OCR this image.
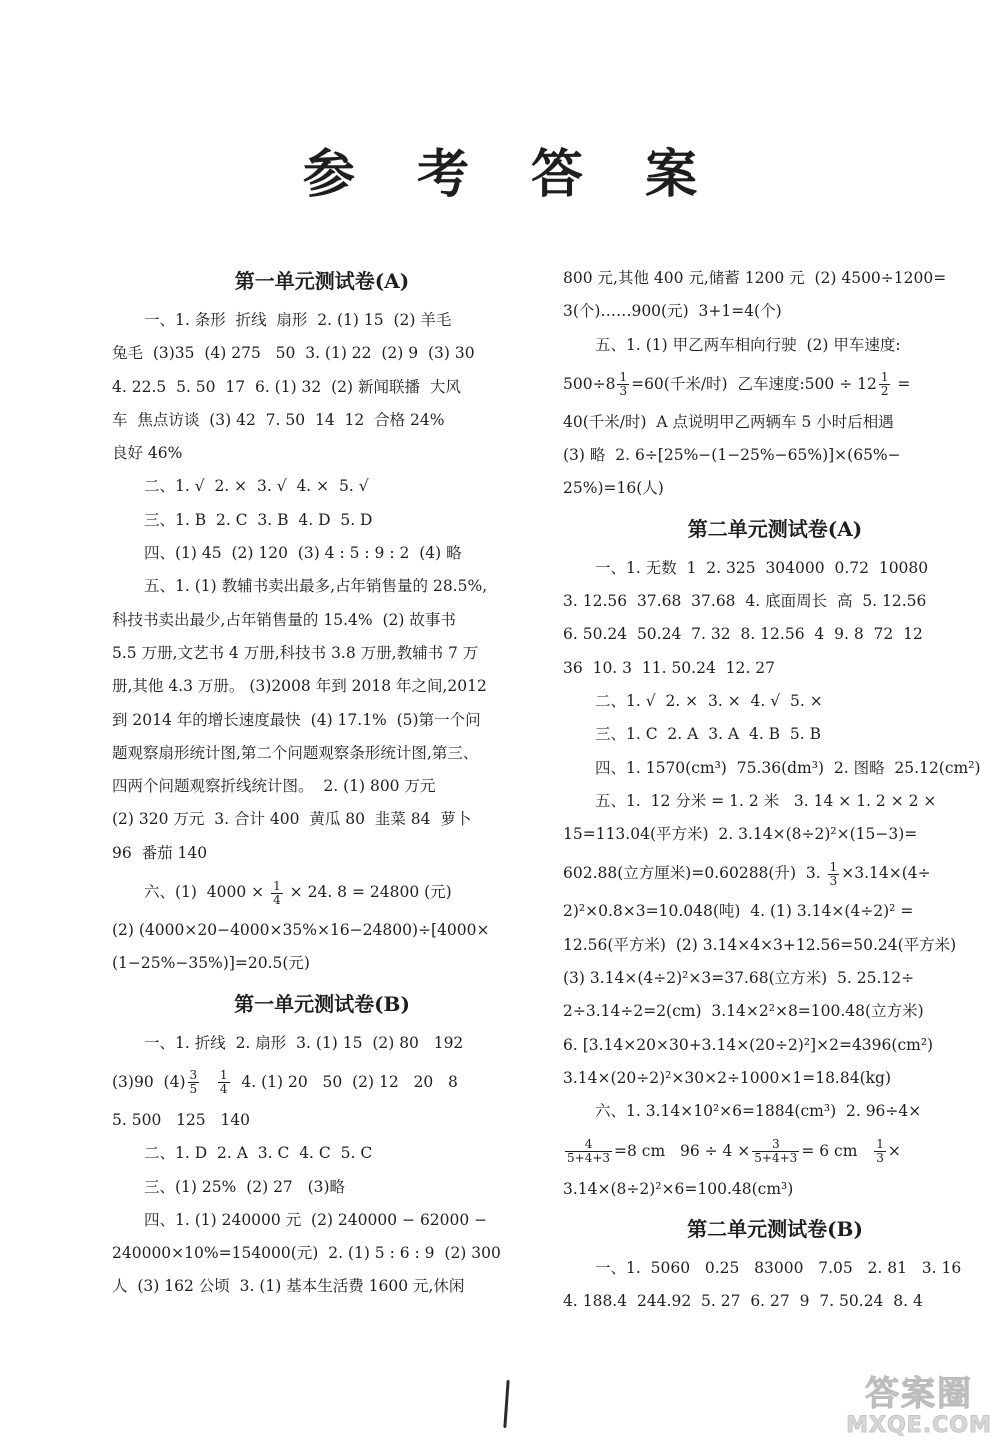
参 考 答 案
第一单元测试卷(A)
一、1. 条形  折线  扇形  2. (1) 15  (2) 羊毛
兔毛  (3)35  (4) 275   50  3. (1) 22  (2) 9  (3) 30
4. 22.5  5. 50  17  6. (1) 32  (2) 新闻联播  大风
车  焦点访谈  (3) 42  7. 50  14  12  合格 24%
良好 46%
二、1. √  2. ×  3. √  4. ×  5. √
三、1. B  2. C  3. B  4. D  5. D
四、(1) 45  (2) 120  (3) 4 : 5 : 9 : 2  (4) 略
五、1. (1) 教辅书卖出最多,占年销售量的 28.5%,
科技书卖出最少,占年销售量的 15.4%  (2) 故事书
5.5 万册,文艺书 4 万册,科技书 3.8 万册,教辅书 7 万
册,其他 4.3 万册。 (3)2008 年到 2018 年之间,2012
到 2014 年的增长速度最快  (4) 17.1%  (5)第一个问
题观察扇形统计图,第二个问题观察条形统计图,第三、
四两个问题观察折线统计图。  2. (1) 800 万元
(2) 320 万元  3. 合计 400  黄瓜 80  韭菜 84  萝卜
96  番茄 140
六、(1)  $4000 \times \frac{1}{4} \times 24$. 8 = 24800 (元)
(2) (4000×20−4000×35%×16−24800)÷[4000×
(1−25%−35%)]=20.5(元)
第一单元测试卷(B)
一、1. 折线  2. 扇形  3. (1) 15  (2) 80   192
(3)90  $(4) \frac{3}{5}$
$\frac{1}{4} 4$. (1) 20   50  (2) 12   20   8
5. 500   125   140
二、1. D  2. A  3. C  4. C  5. C
三、(1) 25%  (2) 27   (3)略
四、1. (1) 240000 元  (2) 240000 − 62000 −
240000×10%=154000(元)  2. (1) 5 : 6 : 9  (2) 300
人  (3) 162 公顷  3. (1) 基本生活费 1600 元,休闲
800 元,其他 400 元,储蓄 1200 元  (2) 4500÷1200=
3(个)……900(元)  3+1=4(个)
五、1. (1) 甲乙两车相向行驶  (2) 甲车速度:
$500\div 8 \frac{1}{3} =60$(千米/时)  乙车速度:500 ÷ $12 \frac{1}{2}$ =
40(千米/时)  A 点说明甲乙两辆车 5 小时后相遇
(3) 略  2. 6÷[25%−(1−25%−65%)]×(65%−
25%)=16(人)
第二单元测试卷(A)
一、1. 无数  1  2. 325  304000  0.72  10080
3. 12.56  37.68  37.68  4. 底面周长  高  5. 12.56
6. 50.24  50.24  7. 32  8. 12.56  4  9. 8  72  12
36  10. 3  11. 50.24  12. 27
二、1. √  2. ×  3. ×  4. √  5. ×
三、1. C  2. A  3. A  4. B  5. B
四、1. 1570(cm³)  75.36(dm³)  2. 图略  25.12(cm²)
五、1.  12 分米 = 1. 2 米   3. 14 × 1. 2 × 2 ×
15=113.04(平方米)  2. 3.14×(8÷2)²×(15−3)=
602.88(立方厘米)=0.60288(升)  3. $\frac{1}{3} \times 3.14\times(4\div$
2)²×0.8×3=10.048(吨)  4. (1) 3.14×(4÷2)² =
12.56(平方米)  (2) 3.14×4×3+12.56=50.24(平方米)
(3) 3.14×(4÷2)²×3=37.68(立方米)  5. 25.12÷
2÷3.14÷2=2(cm)  3.14×2²×8=100.48(立方米)
6. [3.14×20×30+3.14×(20÷2)²]×2=4396(cm²)
3.14×(20÷2)²×30×2÷1000×1=18.84(kg)
六、1. 3.14×10²×6=1884(cm³)  2. 96÷4×
$\frac{4}{5+4+3} =8$ cm   $96 \div 4 \times \frac{3}{5+4+3} = 6$ cm $\frac{1}{3}$ ×
3.14×(8÷2)²×6=100.48(cm³)
第二单元测试卷(B)
一、1.  5060   0.25   83000   7.05   2. 81   3. 16
4. 188.4  244.92  5. 27  6. 27  9  7. 50.24  8. 4
答案圈
MXQE.COM
